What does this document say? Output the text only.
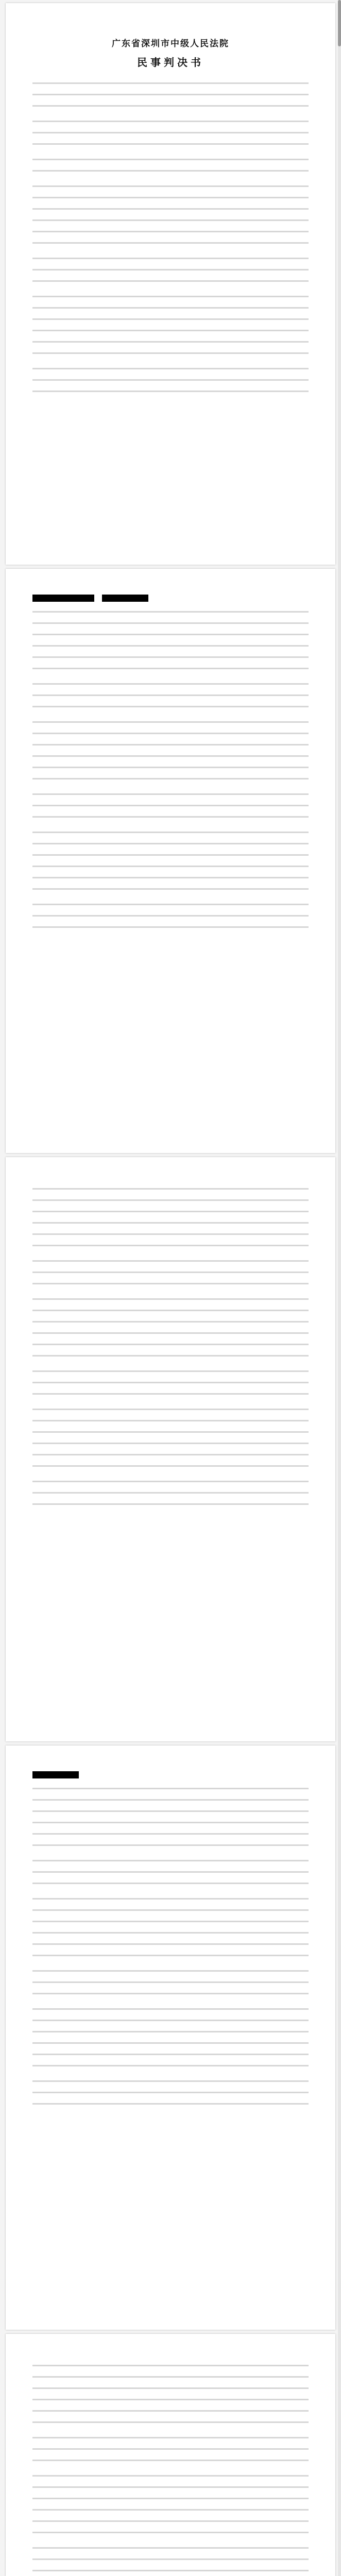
广东省深圳市中级人民法院
民事判决书
